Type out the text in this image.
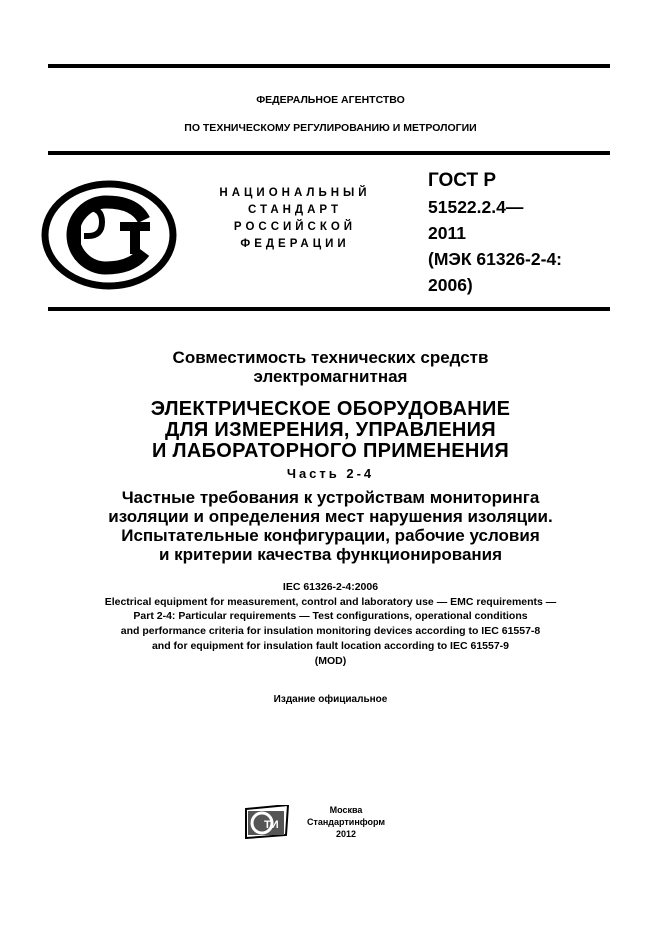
ФЕДЕРАЛЬНОЕ АГЕНТСТВО
ПО ТЕХНИЧЕСКОМУ РЕГУЛИРОВАНИЮ И МЕТРОЛОГИИ
НАЦИОНАЛЬНЫЙ
СТАНДАРТ
РОССИЙСКОЙ
ФЕДЕРАЦИИ
ГОСТ Р
51522.2.4—
2011
(МЭК 61326-2-4:
2006)
Совместимость технических средств
электромагнитная
ЭЛЕКТРИЧЕСКОЕ ОБОРУДОВАНИЕ
ДЛЯ ИЗМЕРЕНИЯ, УПРАВЛЕНИЯ
И ЛАБОРАТОРНОГО ПРИМЕНЕНИЯ
Часть 2-4
Частные требования к устройствам мониторинга
изоляции и определения мест нарушения изоляции.
Испытательные конфигурации, рабочие условия
и критерии качества функционирования
IEC 61326-2-4:2006
Electrical equipment for measurement, control and laboratory use — EMC requirements —
Part 2-4: Particular requirements — Test configurations, operational conditions
and performance criteria for insulation monitoring devices according to IEC 61557-8
and for equipment for insulation fault location according to IEC 61557-9
(MOD)
Издание официальное
ТИ
Москва
Стандартинформ
2012
